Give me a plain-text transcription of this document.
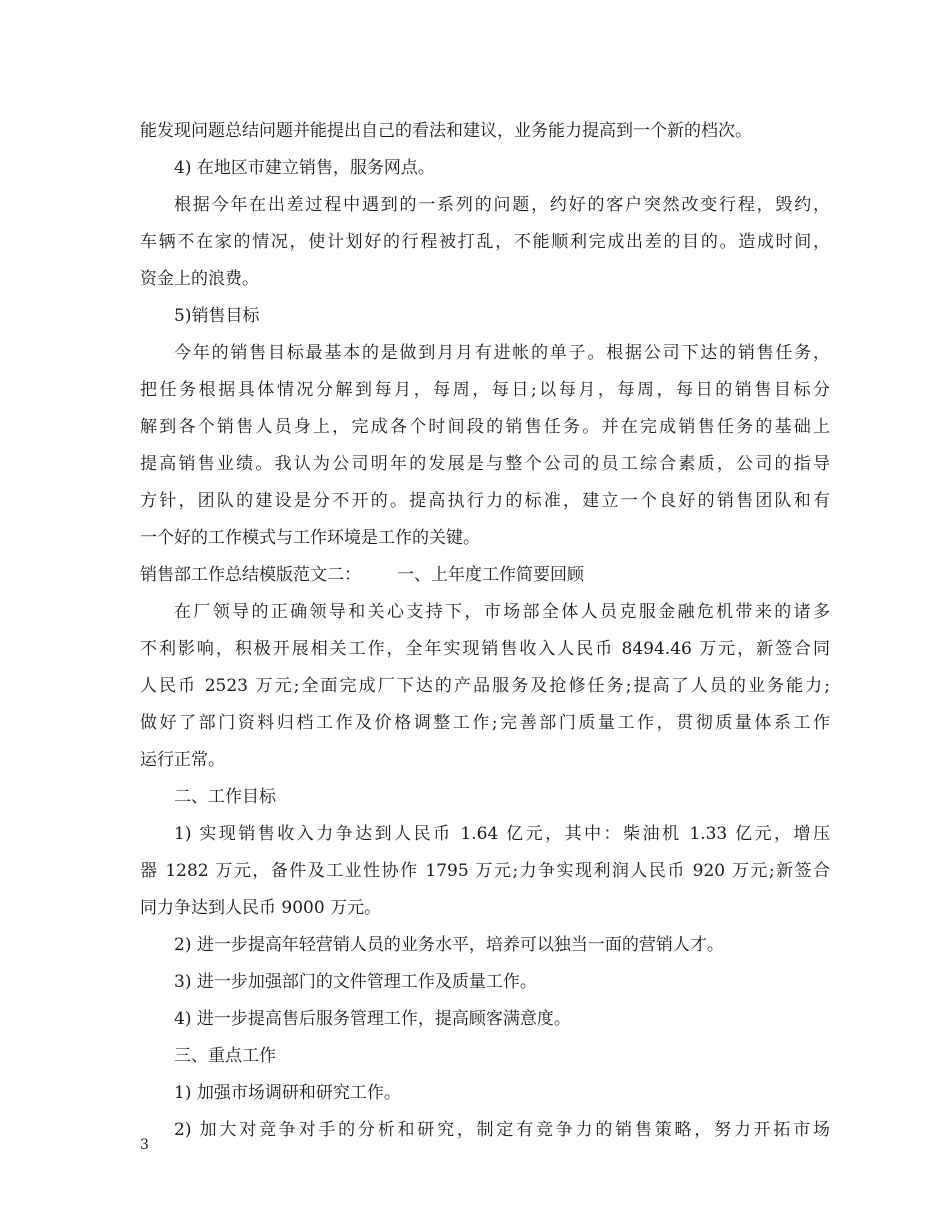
能发现问题总结问题并能提出自己的看法和建议，业务能力提高到一个新的档次。
4) 在地区市建立销售，服务网点。
根据今年在出差过程中遇到的一系列的问题，约好的客户突然改变行程，毁约，
车辆不在家的情况，使计划好的行程被打乱，不能顺利完成出差的目的。造成时间，
资金上的浪费。
5)销售目标
今年的销售目标最基本的是做到月月有进帐的单子。根据公司下达的销售任务，
把任务根据具体情况分解到每月，每周，每日;以每月，每周，每日的销售目标分
解到各个销售人员身上，完成各个时间段的销售任务。并在完成销售任务的基础上
提高销售业绩。我认为公司明年的发展是与整个公司的员工综合素质，公司的指导
方针，团队的建设是分不开的。提高执行力的标准，建立一个良好的销售团队和有
一个好的工作模式与工作环境是工作的关键。
销售部工作总结模版范文二： 一、上年度工作简要回顾
在厂领导的正确领导和关心支持下，市场部全体人员克服金融危机带来的诸多
不利影响，积极开展相关工作，全年实现销售收入人民币 8494.46 万元，新签合同
人民币 2523 万元;全面完成厂下达的产品服务及抢修任务;提高了人员的业务能力;
做好了部门资料归档工作及价格调整工作;完善部门质量工作，贯彻质量体系工作
运行正常。
二、工作目标
1) 实现销售收入力争达到人民币 1.64 亿元，其中：柴油机 1.33 亿元，增压
器 1282 万元，备件及工业性协作 1795 万元;力争实现利润人民币 920 万元;新签合
同力争达到人民币 9000 万元。
2) 进一步提高年轻营销人员的业务水平，培养可以独当一面的营销人才。
3) 进一步加强部门的文件管理工作及质量工作。
4) 进一步提高售后服务管理工作，提高顾客满意度。
三、重点工作
1) 加强市场调研和研究工作。
2) 加大对竞争对手的分析和研究，制定有竞争力的销售策略，努力开拓市场
3
